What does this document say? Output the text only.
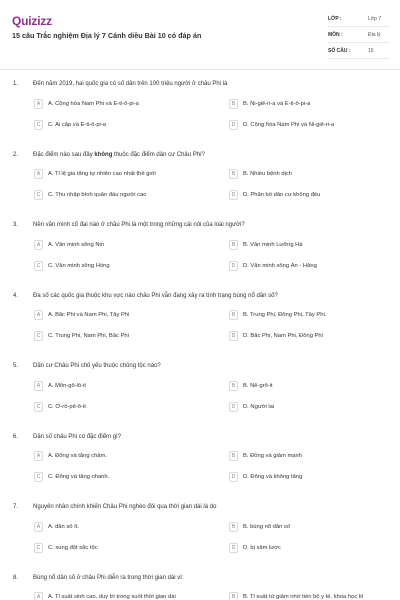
Quizizz
15 câu Trắc nghiệm Địa lý 7 Cánh diều Bài 10 có đáp án
LỚP :	Lớp 7
MÔN :	Địa lý
SỐ CÂU :	15
1.	Đến năm 2019, hai quốc gia có số dân trên 100 triệu người ở châu Phi là
A	A. Cộng hòa Nam Phi và Ê-ti-ô-pi-a	B	B. Ni-giê-ri-a và Ê-ti-ô-pi-a
C	C. Ai cập và Ê-ti-ô-pi-a	D	D. Cộng hòa Nam Phi và Ni-giê-ri-a
2.	Đặc điểm nào sau đây không thuộc đặc điểm dân cư Châu Phi?
A	A. Tỉ lệ gia tăng tự nhiên cao nhất thế giới	B	B. Nhiều bệnh dịch
C	C. Thu nhập bình quân đầu người cao	D	D. Phân bố dân cư không đều
3.	Nền văn minh cổ đại nào ở châu Phi là một trong những cái nôi của loài người?
A	A. Văn minh sông Nin	B	B. Văn minh Lưỡng Hà
C	C. Văn minh sông Hồng	D	D. Văn minh sông Ấn - Hằng
4.	Đa số các quốc gia thuộc khu vực nào châu Phi vẫn đang xảy ra tình trạng bùng nổ dân số?
A	A. Bắc Phi và Nam Phi, Tây Phi	B	B. Trung Phi, Đông Phi, Tây Phi.
C	C. Trung Phi, Nam Phi, Bắc Phi	D	D. Bắc Phi, Nam Phi, Đông Phi
5.	Dân cư Châu Phi chủ yếu thuộc chủng tộc nào?
A	A. Môn-gô-lô-it	B	B. Nê-grô-it
C	C. Ơ-rô-pê-ô-it	D	D. Người lai
6.	Dân số châu Phi có đặc điểm gì?
A	A. Đông và tăng chậm.	B	B. Đông và giảm mạnh
C	C. Đông và tăng nhanh.	D	D. Đông và không tăng
7.	Nguyên nhân chính khiến Châu Phi nghèo đói qua thời gian dài là do
A	A. dân số ít.	B	B. bùng nổ dân số
C	C. xung đột sắc tộc	D	D. bị xâm lược
8.	Bùng nổ dân số ở châu Phi diễn ra trong thời gian dài vì:
A	A. Tỉ suất sinh cao, duy trì trong suốt thời gian dài	B	B. Tỉ suất tử giảm nhờ tiến bộ y tế, khoa học kĩ
